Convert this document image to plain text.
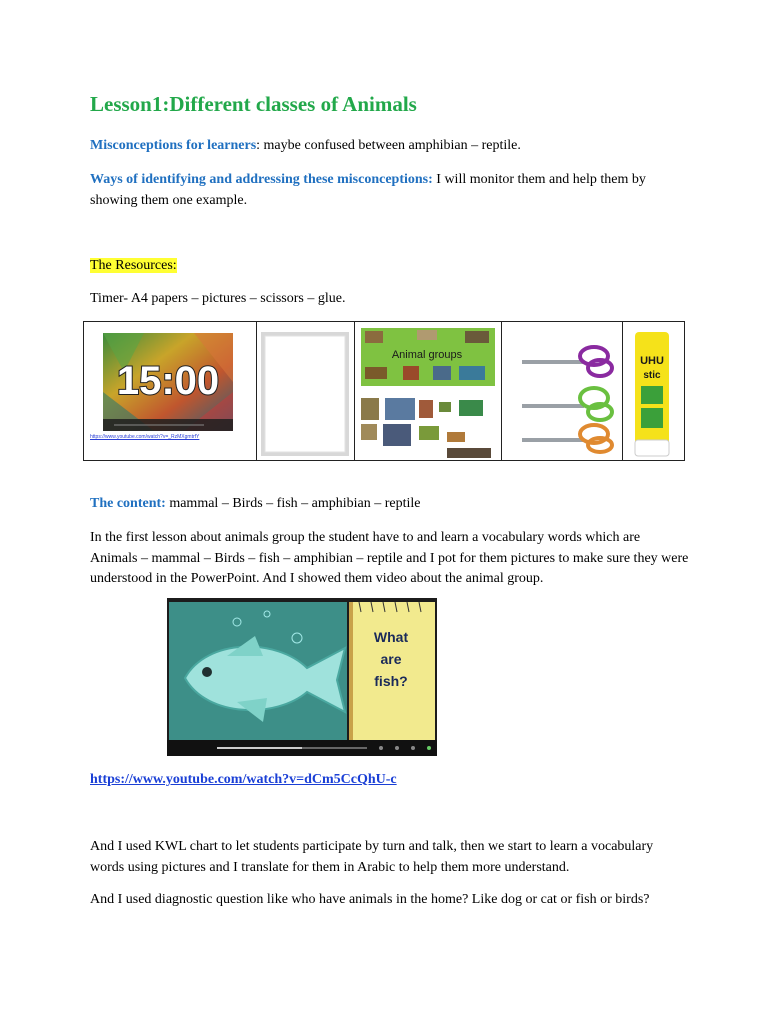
Lesson1:Different classes of Animals

Misconceptions for learners: maybe confused between amphibian – reptile.

Ways of identifying and addressing these misconceptions: I will monitor them and help them by showing them one example.

The Resources:

Timer- A4 papers – pictures – scissors – glue.

15:00
https://www.youtube.com/watch?v=_RzMXgmtrfY
Animal groups	UHU
stic

The content: mammal – Birds – fish – amphibian – reptile

In the first lesson about animals group the student have to and learn a vocabulary words which are Animals – mammal – Birds – fish – amphibian – reptile and I pot for them pictures to make sure they were understood in the PowerPoint. And I showed them video about the animal group.

What
are
fish?

https://www.youtube.com/watch?v=dCm5CcQhU-c

And I used KWL chart to let students participate by turn and talk, then we start to learn a vocabulary words using pictures and I translate for them in Arabic to help them more understand.

And I used diagnostic question like who have animals in the home? Like dog or cat or fish or birds?
